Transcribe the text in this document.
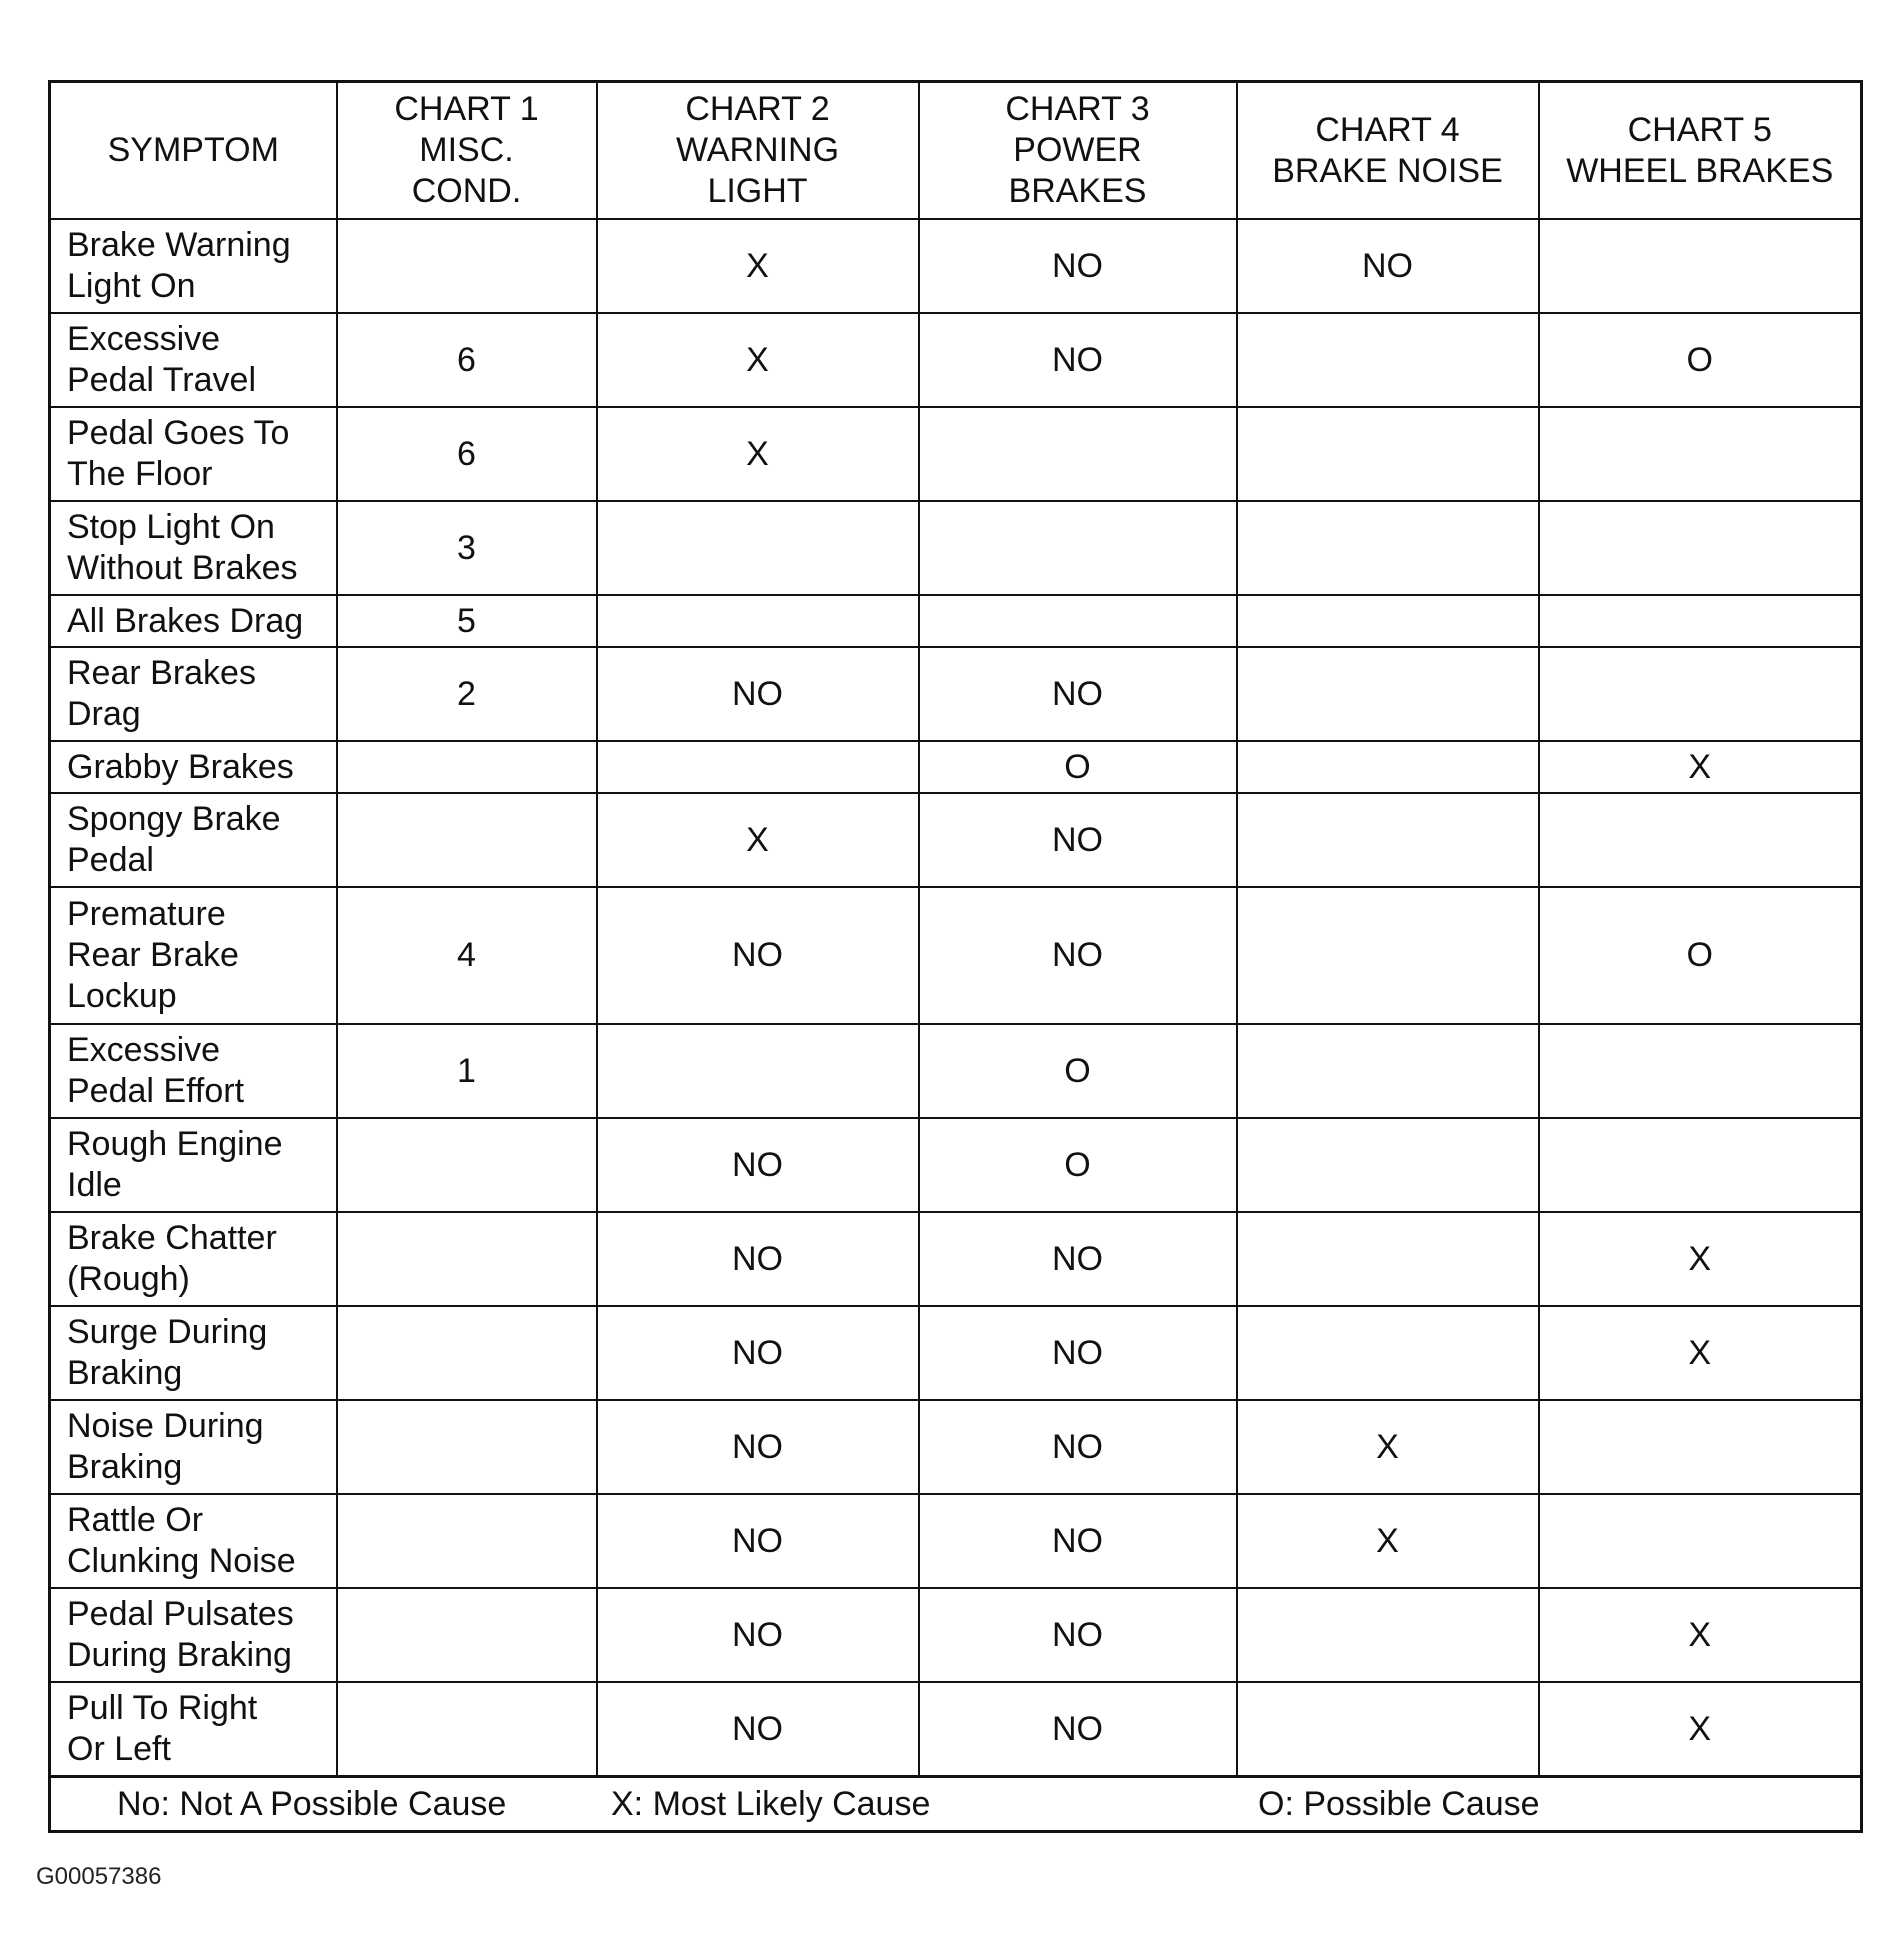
SYMPTOM	CHART 1
MISC.
COND.	CHART 2
WARNING
LIGHT	CHART 3
POWER
BRAKES	CHART 4
BRAKE NOISE	CHART 5
WHEEL BRAKES
Brake Warning
Light On		X	NO	NO	
Excessive
Pedal Travel	6	X	NO		O
Pedal Goes To
The Floor	6	X			
Stop Light On
Without Brakes	3				
All Brakes Drag	5				
Rear Brakes
Drag	2	NO	NO		
Grabby Brakes			O		X
Spongy Brake
Pedal		X	NO		
Premature
Rear Brake
Lockup	4	NO	NO		O
Excessive
Pedal Effort	1		O		
Rough Engine
Idle		NO	O		
Brake Chatter
(Rough)		NO	NO		X
Surge During
Braking		NO	NO		X
Noise During
Braking		NO	NO	X	
Rattle Or
Clunking Noise		NO	NO	X	
Pedal Pulsates
During Braking		NO	NO		X
Pull To Right
Or Left		NO	NO		X

No: Not A Possible Cause X: Most Likely Cause O: Possible Cause					
G00057386
